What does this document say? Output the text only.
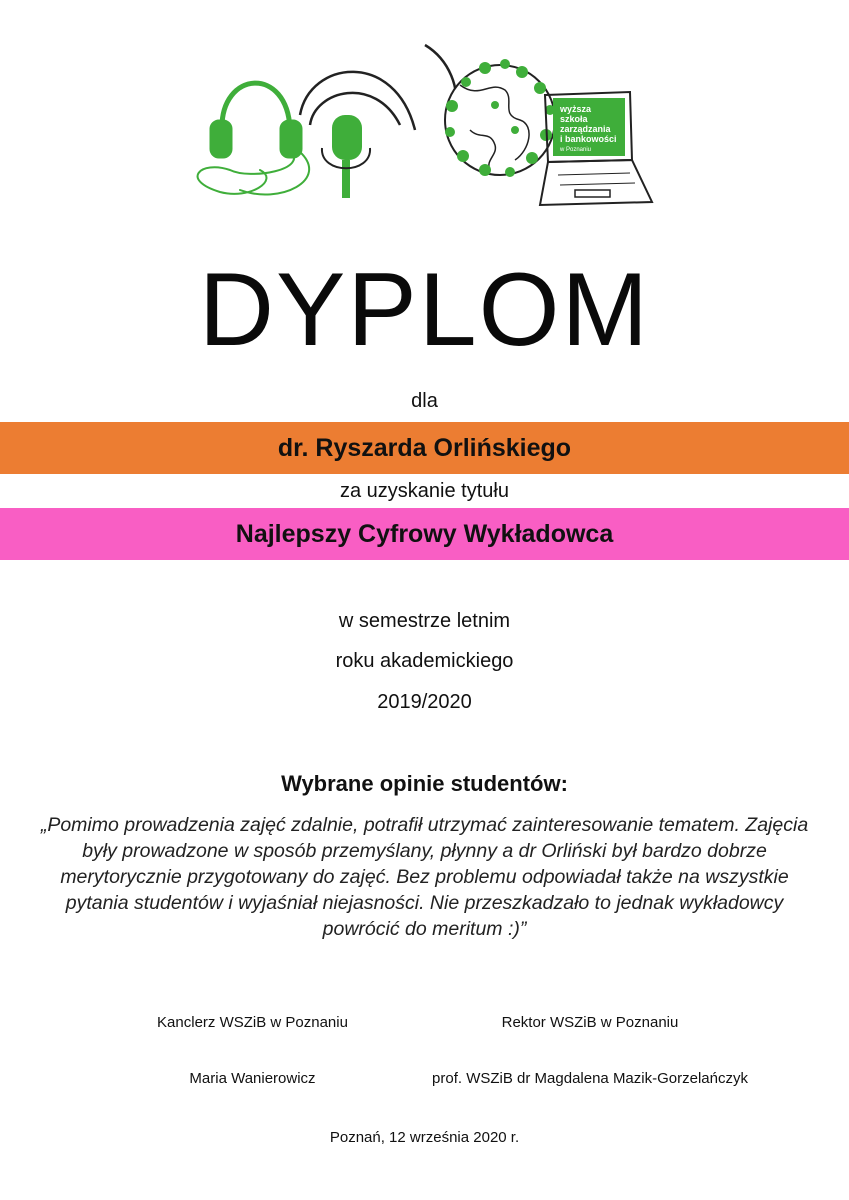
wyższa
szkoła
zarządzania
i bankowości
w Poznaniu
DYPLOM
dla
dr. Ryszarda Orlińskiego
za uzyskanie tytułu
Najlepszy Cyfrowy Wykładowca
w semestrze letnim
roku akademickiego
2019/2020
Wybrane opinie studentów:
„Pomimo prowadzenia zajęć zdalnie, potrafił utrzymać zainteresowanie tematem. Zajęcia były prowadzone w sposób przemyślany, płynny a dr Orliński był bardzo dobrze merytorycznie przygotowany do zajęć. Bez problemu odpowiadał także na wszystkie pytania studentów i wyjaśniał niejasności. Nie przeszkadzało to jednak wykładowcy powrócić do meritum :)”
Kanclerz WSZiB w Poznaniu	Rektor WSZiB w Poznaniu
Maria Wanierowicz	prof. WSZiB dr Magdalena Mazik-Gorzelańczyk
Poznań, 12 września 2020 r.
